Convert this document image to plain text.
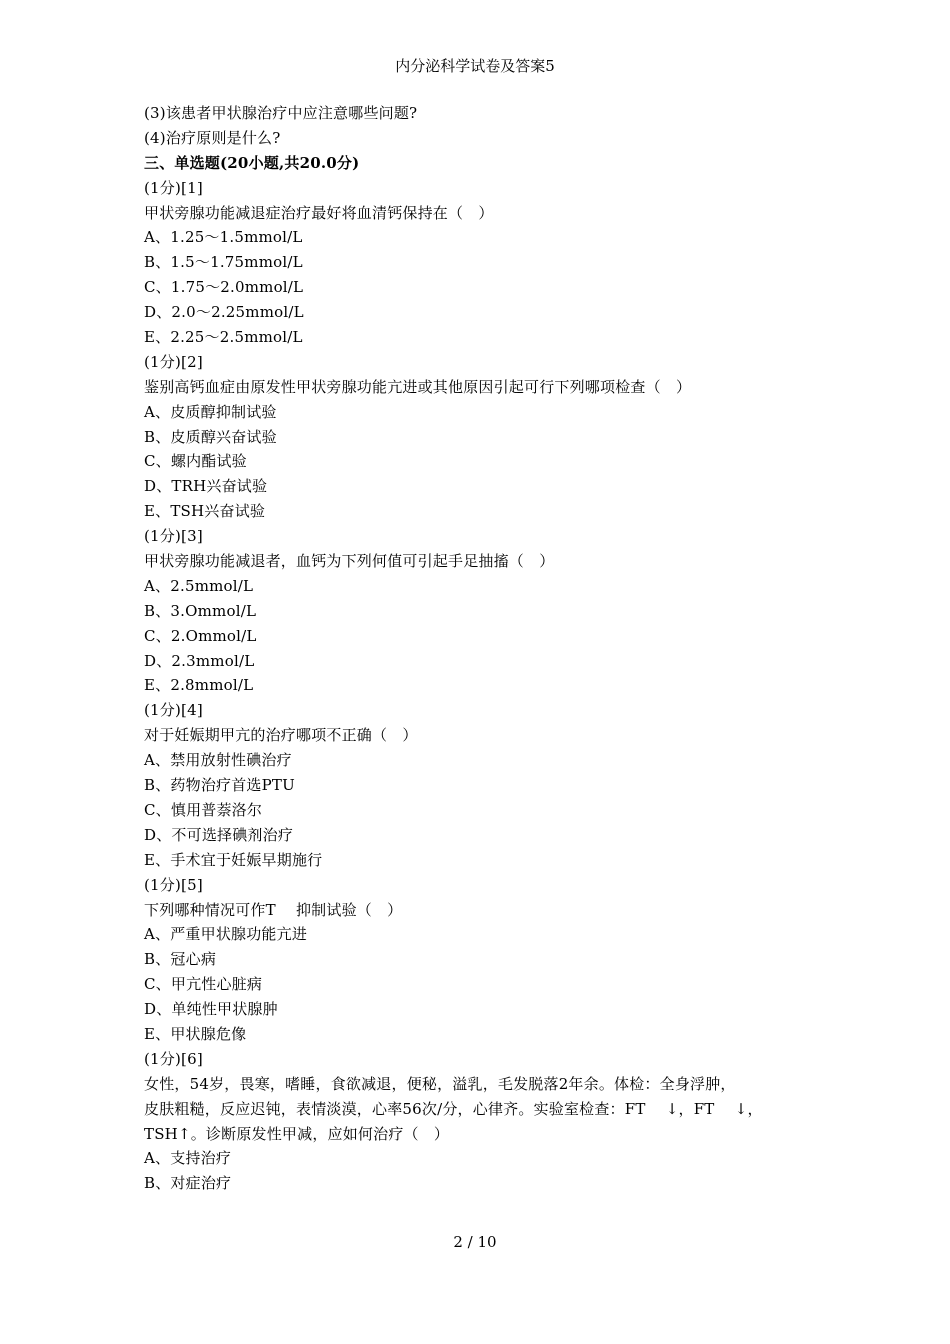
内分泌科学试卷及答案5
(3)该患者甲状腺治疗中应注意哪些问题?
(4)治疗原则是什么?
三、单选题(20小题,共20.0分)
(1分)[1]
甲状旁腺功能减退症治疗最好将血清钙保持在（　）
A、1.25～1.5mmol/L
B、1.5～1.75mmol/L
C、1.75～2.0mmol/L
D、2.0～2.25mmol/L
E、2.25～2.5mmol/L
(1分)[2]
鉴别高钙血症由原发性甲状旁腺功能亢进或其他原因引起可行下列哪项检查（　）
A、皮质醇抑制试验
B、皮质醇兴奋试验
C、螺内酯试验
D、TRH兴奋试验
E、TSH兴奋试验
(1分)[3]
甲状旁腺功能减退者，血钙为下列何值可引起手足抽搐（　）
A、2.5mmol/L
B、3.Ommol/L
C、2.Ommol/L
D、2.3mmol/L
E、2.8mmol/L
(1分)[4]
对于妊娠期甲亢的治疗哪项不正确（　）
A、禁用放射性碘治疗
B、药物治疗首选PTU
C、慎用普萘洛尔
D、不可选择碘剂治疗
E、手术宜于妊娠早期施行
(1分)[5]
下列哪种情况可作T　 抑制试验（　）
A、严重甲状腺功能亢进
B、冠心病
C、甲亢性心脏病
D、单纯性甲状腺肿
E、甲状腺危像
(1分)[6]
女性，54岁，畏寒，嗜睡，食欲减退，便秘，溢乳，毛发脱落2年余。体检：全身浮肿，
皮肤粗糙，反应迟钝，表情淡漠，心率56次/分，心律齐。实验室检查：FT　 ↓，FT　 ↓，
TSH↑。诊断原发性甲减，应如何治疗（　）
A、支持治疗
B、对症治疗
2 / 10
